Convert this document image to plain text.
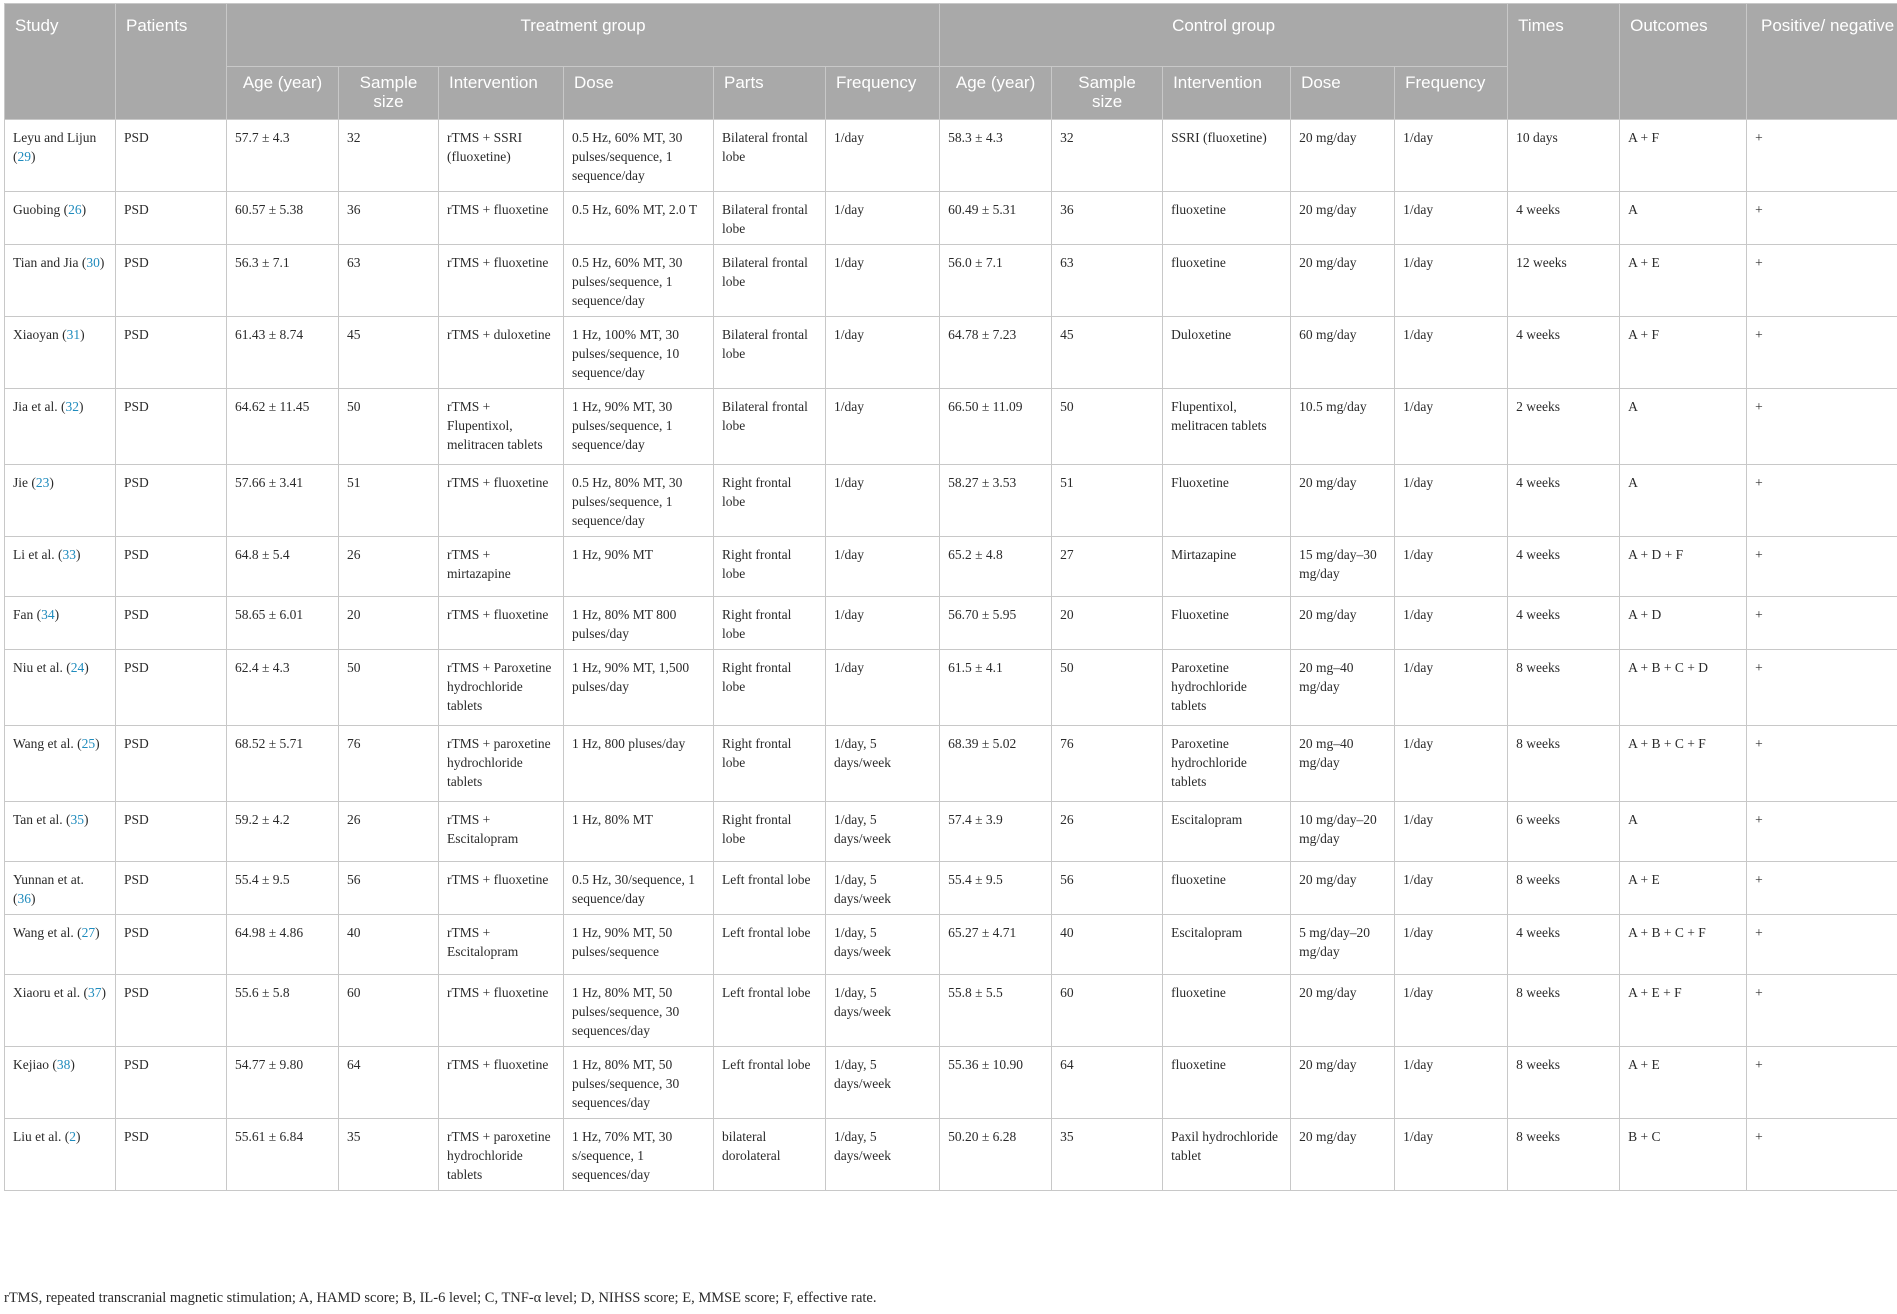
Study	Patients	Treatment group						Control group					Times	Outcomes	Positive/ negative
		Age (year)	Sample size	Intervention	Dose	Parts	Frequency	Age (year)	Sample size	Intervention	Dose	Frequency			
Leyu and Lijun (29)	PSD	57.7 ± 4.3	32	rTMS + SSRI (fluoxetine)	0.5 Hz, 60% MT, 30 pulses/sequence, 1 sequence/day	Bilateral frontal lobe	1/day	58.3 ± 4.3	32	SSRI (fluoxetine)	20 mg/day	1/day	10 days	A + F	+
Guobing (26)	PSD	60.57 ± 5.38	36	rTMS + fluoxetine	0.5 Hz, 60% MT, 2.0 T	Bilateral frontal lobe	1/day	60.49 ± 5.31	36	fluoxetine	20 mg/day	1/day	4 weeks	A	+
Tian and Jia (30)	PSD	56.3 ± 7.1	63	rTMS + fluoxetine	0.5 Hz, 60% MT, 30 pulses/sequence, 1 sequence/day	Bilateral frontal lobe	1/day	56.0 ± 7.1	63	fluoxetine	20 mg/day	1/day	12 weeks	A + E	+
Xiaoyan (31)	PSD	61.43 ± 8.74	45	rTMS + duloxetine	1 Hz, 100% MT, 30 pulses/sequence, 10 sequence/day	Bilateral frontal lobe	1/day	64.78 ± 7.23	45	Duloxetine	60 mg/day	1/day	4 weeks	A + F	+
Jia et al. (32)	PSD	64.62 ± 11.45	50	rTMS + Flupentixol, melitracen tablets	1 Hz, 90% MT, 30 pulses/sequence, 1 sequence/day	Bilateral frontal lobe	1/day	66.50 ± 11.09	50	Flupentixol, melitracen tablets	10.5 mg/day	1/day	2 weeks	A	+
Jie (23)	PSD	57.66 ± 3.41	51	rTMS + fluoxetine	0.5 Hz, 80% MT, 30 pulses/sequence, 1 sequence/day	Right frontal lobe	1/day	58.27 ± 3.53	51	Fluoxetine	20 mg/day	1/day	4 weeks	A	+
Li et al. (33)	PSD	64.8 ± 5.4	26	rTMS + mirtazapine	1 Hz, 90% MT	Right frontal lobe	1/day	65.2 ± 4.8	27	Mirtazapine	15 mg/day–30 mg/day	1/day	4 weeks	A + D + F	+
Fan (34)	PSD	58.65 ± 6.01	20	rTMS + fluoxetine	1 Hz, 80% MT 800 pulses/day	Right frontal lobe	1/day	56.70 ± 5.95	20	Fluoxetine	20 mg/day	1/day	4 weeks	A + D	+
Niu et al. (24)	PSD	62.4 ± 4.3	50	rTMS + Paroxetine hydrochloride tablets	1 Hz, 90% MT, 1,500 pulses/day	Right frontal lobe	1/day	61.5 ± 4.1	50	Paroxetine hydrochloride tablets	20 mg–40 mg/day	1/day	8 weeks	A + B + C + D	+
Wang et al. (25)	PSD	68.52 ± 5.71	76	rTMS + paroxetine hydrochloride tablets	1 Hz, 800 pluses/day	Right frontal lobe	1/day, 5 days/week	68.39 ± 5.02	76	Paroxetine hydrochloride tablets	20 mg–40 mg/day	1/day	8 weeks	A + B + C + F	+
Tan et al. (35)	PSD	59.2 ± 4.2	26	rTMS + Escitalopram	1 Hz, 80% MT	Right frontal lobe	1/day, 5 days/week	57.4 ± 3.9	26	Escitalopram	10 mg/day–20 mg/day	1/day	6 weeks	A	+
Yunnan et at. (36)	PSD	55.4 ± 9.5	56	rTMS + fluoxetine	0.5 Hz, 30/sequence, 1 sequence/day	Left frontal lobe	1/day, 5 days/week	55.4 ± 9.5	56	fluoxetine	20 mg/day	1/day	8 weeks	A + E	+
Wang et al. (27)	PSD	64.98 ± 4.86	40	rTMS + Escitalopram	1 Hz, 90% MT, 50 pulses/sequence	Left frontal lobe	1/day, 5 days/week	65.27 ± 4.71	40	Escitalopram	5 mg/day–20 mg/day	1/day	4 weeks	A + B + C + F	+
Xiaoru et al. (37)	PSD	55.6 ± 5.8	60	rTMS + fluoxetine	1 Hz, 80% MT, 50 pulses/sequence, 30 sequences/day	Left frontal lobe	1/day, 5 days/week	55.8 ± 5.5	60	fluoxetine	20 mg/day	1/day	8 weeks	A + E + F	+
Kejiao (38)	PSD	54.77 ± 9.80	64	rTMS + fluoxetine	1 Hz, 80% MT, 50 pulses/sequence, 30 sequences/day	Left frontal lobe	1/day, 5 days/week	55.36 ± 10.90	64	fluoxetine	20 mg/day	1/day	8 weeks	A + E	+
Liu et al. (2)	PSD	55.61 ± 6.84	35	rTMS + paroxetine hydrochloride tablets	1 Hz, 70% MT, 30 s/sequence, 1 sequences/day	bilateral dorolateral	1/day, 5 days/week	50.20 ± 6.28	35	Paxil hydrochloride tablet	20 mg/day	1/day	8 weeks	B + C	+
rTMS, repeated transcranial magnetic stimulation; A, HAMD score; B, IL-6 level; C, TNF-α level; D, NIHSS score; E, MMSE score; F, effective rate.
